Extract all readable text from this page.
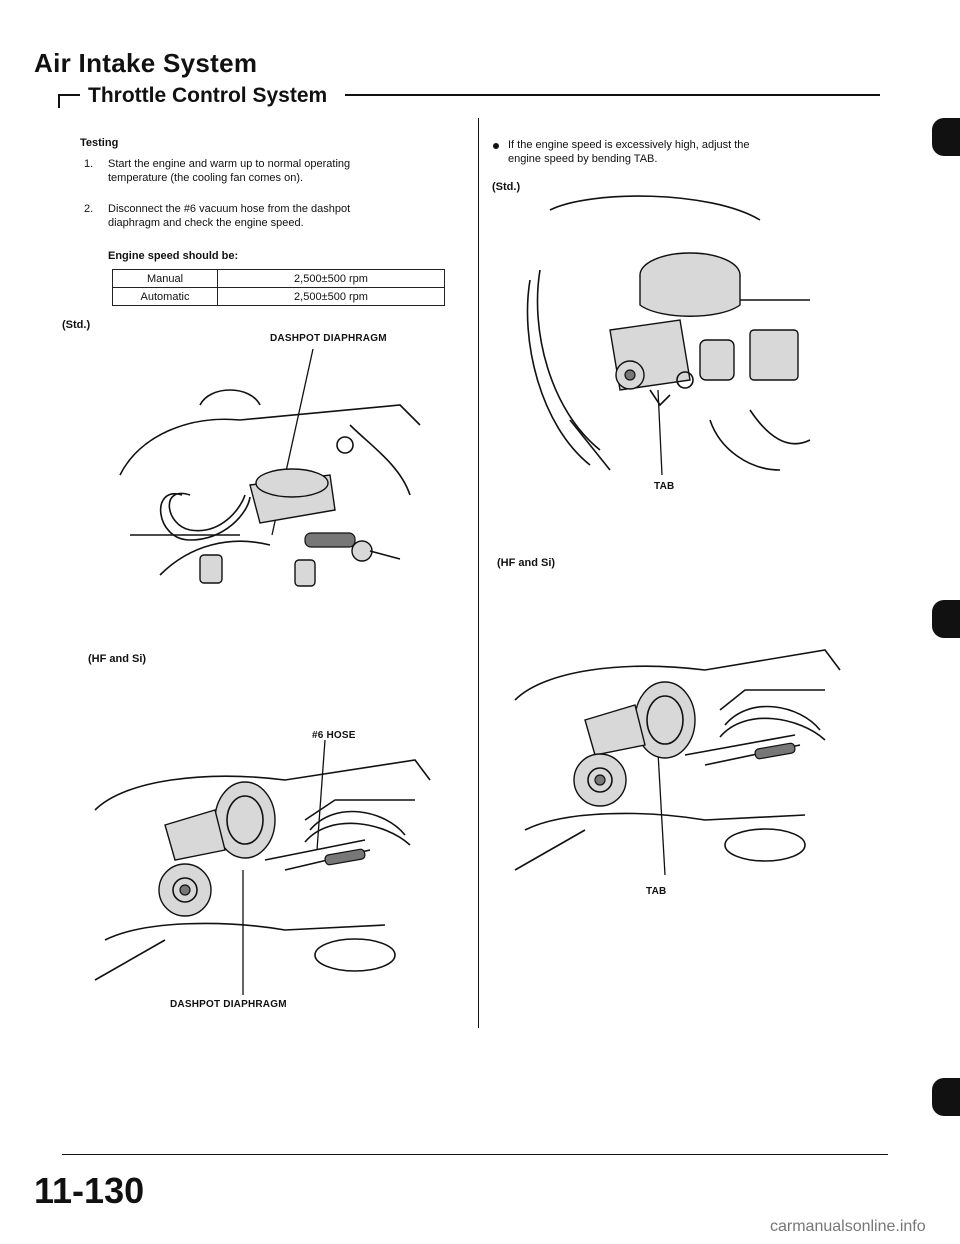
Air Intake System
Throttle Control System
Testing
1. Start the engine and warm up to normal operating
temperature (the cooling fan comes on).
2. Disconnect the #6 vacuum hose from the dashpot
diaphragm and check the engine speed.
Engine speed should be:
Manual	2,500±500 rpm
Automatic	2,500±500 rpm
(Std.)
DASHPOT DIAPHRAGM
(HF and Si)
#6 HOSE
DASHPOT DIAPHRAGM
If the engine speed is excessively high, adjust the
engine speed by bending TAB.
(Std.)
TAB
(HF and Si)
TAB
11-130
carmanualsonline.info
